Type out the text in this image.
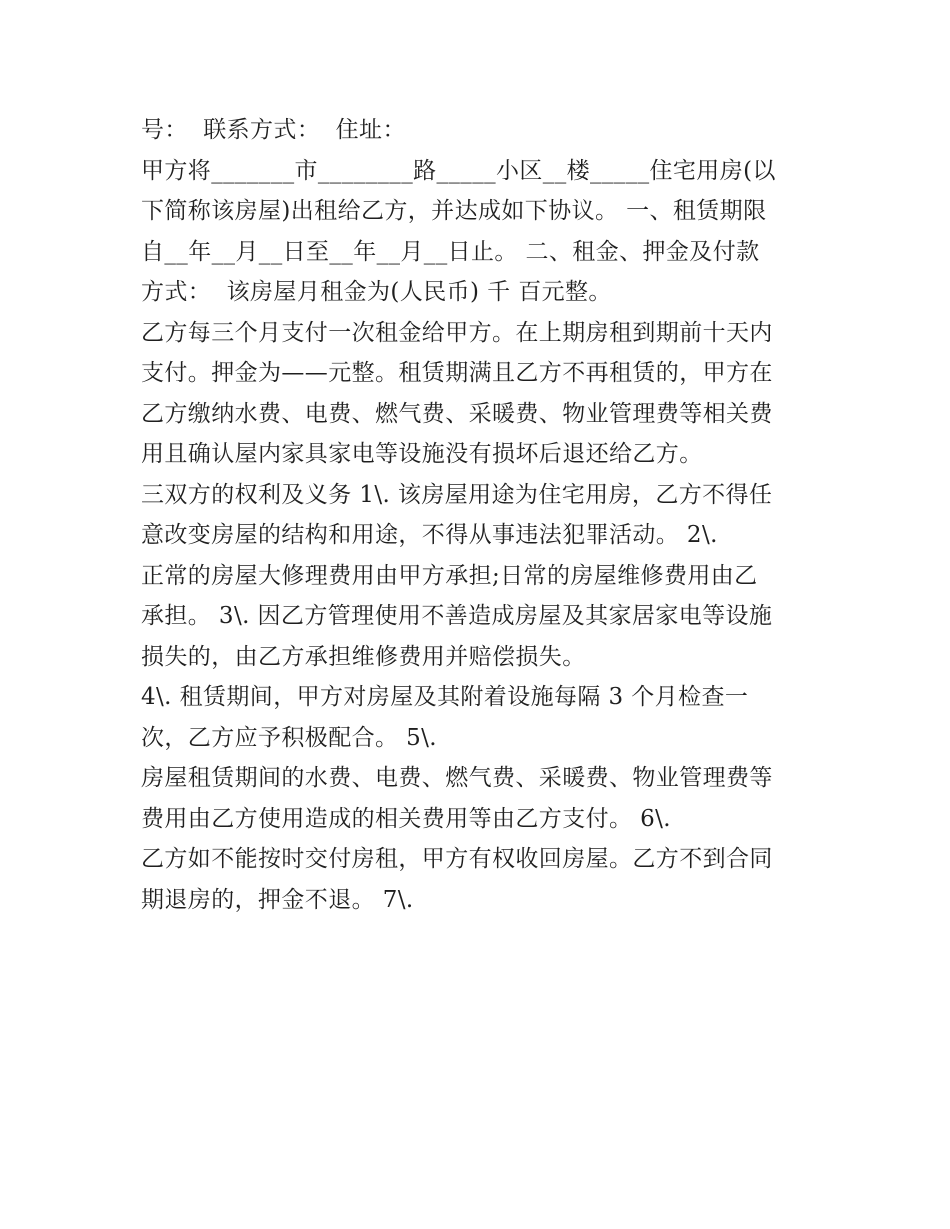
号：  联系方式：  住址：
甲方将_______市________路_____小区__楼_____住宅用房(以
下简称该房屋)出租给乙方，并达成如下协议。 一、租赁期限
自__年__月__日至__年__月__日止。 二、租金、押金及付款
方式：  该房屋月租金为(人民币) 千 百元整。
乙方每三个月支付一次租金给甲方。在上期房租到期前十天内
支付。押金为——元整。租赁期满且乙方不再租赁的，甲方在
乙方缴纳水费、电费、燃气费、采暖费、物业管理费等相关费
用且确认屋内家具家电等设施没有损坏后退还给乙方。
三双方的权利及义务 1\. 该房屋用途为住宅用房，乙方不得任
意改变房屋的结构和用途，不得从事违法犯罪活动。 2\.
正常的房屋大修理费用由甲方承担;日常的房屋维修费用由乙
承担。 3\. 因乙方管理使用不善造成房屋及其家居家电等设施
损失的，由乙方承担维修费用并赔偿损失。
4\. 租赁期间，甲方对房屋及其附着设施每隔 3 个月检查一
次，乙方应予积极配合。 5\.
房屋租赁期间的水费、电费、燃气费、采暖费、物业管理费等
费用由乙方使用造成的相关费用等由乙方支付。 6\.
乙方如不能按时交付房租，甲方有权收回房屋。乙方不到合同
期退房的，押金不退。 7\.
